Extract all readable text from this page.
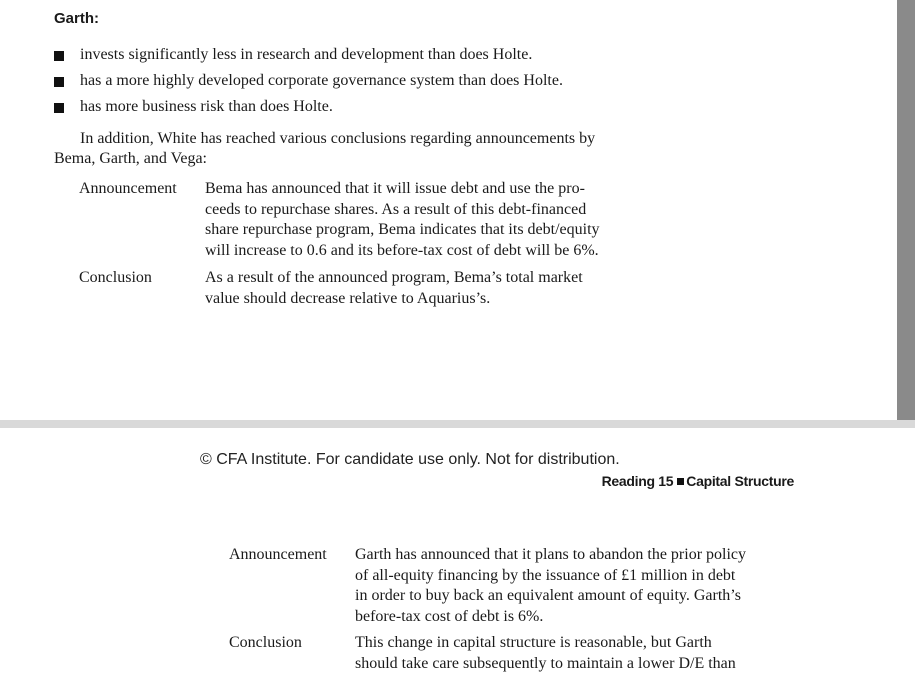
Garth:
invests significantly less in research and development than does Holte.
has a more highly developed corporate governance system than does Holte.
has more business risk than does Holte.
In addition, White has reached various conclusions regarding announcements by
Bema, Garth, and Vega:
Announcement Bema has announced that it will issue debt and use the pro-
ceeds to repurchase shares. As a result of this debt-financed
share repurchase program, Bema indicates that its debt/equity
will increase to 0.6 and its before-tax cost of debt will be 6%.
Conclusion	As a result of the announced program, Bema’s total market
value should decrease relative to Aquarius’s.
© CFA Institute. For candidate use only. Not for distribution.
Reading 15 Capital Structure
Announcement Garth has announced that it plans to abandon the prior policy
of all-equity financing by the issuance of £1 million in debt
in order to buy back an equivalent amount of equity. Garth’s
before-tax cost of debt is 6%.
Conclusion	This change in capital structure is reasonable, but Garth
should take care subsequently to maintain a lower D/E than
